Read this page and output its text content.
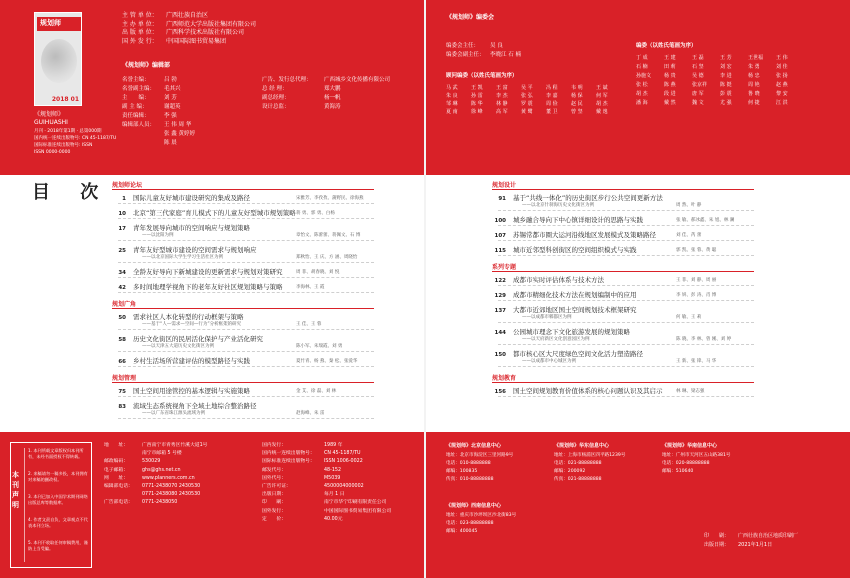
规划师
2018 01
《规划师》
GUIHUASHI
月刊 · 2018年第1期 · 总第000期
国内统一连续出版物号: CN 45-1187/TU
国际标准连续出版物号: ISSN
ISSN 0000-0000
主 管 单 位： 广西壮族自治区
主 办 单 位： 广西师范大学出版社集团有限公司
出 版 单 位： 广西科学技术出版社有限公司
国 外 发 行： 中国国际图书贸易集团
《规划师》编辑部
名誉主编：	吕 勃
名誉副主编： 毛其兴
主　　编：	刘 芳
副 主 编：	谢超英
责任编辑：	李 强
编辑部人员： 王 伟 周 华
张 鑫 黄婷婷
陈 晨
广告、发行总代理： 广西城乡文化传播有限公司
总 经 理：	郑大鹏
副总经理：	杨一帆
设计总监：	黄海涛
《规划师》编委会
编委会主任： 吴 良
编委会副主任： 李晓江 石 楠
顾问编委（以姓氏笔画为序）
马 武	王 凯	王 富	吴 平	冯 程	韦 明	王 斌
朱 良	孙 雷	李 杰	张 弘	李 嘉	杨 保	何 军
邹 琳	陈 华	林 静	罗 震	周 俭	赵 民	胡 杰
夏 南	徐 峰	高 军	黄 鹭	董 卫	曾 坚	戴 逸
编委（以姓氏笔画为序）
丁 成	王 建	王 磊	王 芳	王世福	王 伟
石 楠	田 莉	石 坚	刘 宏	朱 勇	刘 佳
孙施文	杨 贵	吴 德	李 进	杨 忠	张 扬
张 松	陈 燕	张京祥	陈 挺	周 艳	赵 燕
胡 杰	段 进	唐 军	彭 震	鲁 晓	黎 安
潘 海	戴 然	魏 文	尤 强	何 捷	江 洪
目 次 规划师论坛
1 国际儿童友好城市建设研究的集成及路径	宋雅芳、李孜孜、蒲野民、徐海燕
10 北京“第三代家庭”育儿模式下的儿童友好型城市规划策略 蒋 勇、郭 勇、白杨
17 青年发展导向城市的空间响应与规划策略
——以沈阳为例	章怡文、陈蕾蕾、蒋佩文、石 博
25 青年友好型城市建设的空间需求与规划响应
——以北京国际大学生学习生活社区为例	郑秋怡、王 庆、方 涵、周晓怡
34 全龄友好导向下新城建设的更新需求与规划对策研究	周 菲、胡春晓、刘 悦
42 多时间地理学视角下的老年友好社区规划策略与策略	李海林、王 霞
规划广角
50 需求社区人本化转型的行动框架与策略
——基于“人—需求—空间—行为”分析框架的研究	王 佳、王 蓉
58 历史文化街区的民居活化保护与产业活化研究
——以天津五大道历史文化街区为例	陈小军、朱瑞霞、刘 勇
66 乡村生活场所营建评估的模型路径与实践	夏竹青、杨 燕、秦 松、张爱华
规划管理
75 国土空间用途管控的基本逻辑与实施策略	金 艾、徐 磊、刘 林
83 流域生态系统视角下全域土地综合整治路径
——以广东省珠江源头流域为例	赵海峰、朱 雷
规划设计
91 基于“共线一体化”的历史街区步行公共空间更新方法
——以北京什刹海历史文化街区为例	周 然、叶 静
100 城乡融合导向下中心镇详细设计的思路与实践	张 敏、郝冰鑫、朱 旭、林 澜
107 苏锡常都市圈大运河沿线地区发展模式及策略路径	刘 佳、芮 蕾
115 城市近邻型科创街区的空间组织模式与实践	郭 凯、张 蓉、黄 聪
系列专题
122 成都市实时评估体系与技术方法	王 菲、刘 静、周 丽
129 成都市精细化技术方法在规划编制中的应用	李 妍、彭 涛、肖 博
137 大都市近郊地区国土空间规划技术框架研究
——以成都市郫都区为例	何 敏、王 莉
144 公园城市理念下文化旅游发展的规划策略
——以天府新区文化创意园区为例	陈 晓、李 林、曾 刚、刘 婷
150 都市核心区大尺度绿色空间文化活力塑造路径
——以成都市中心城区为例	王 新、张 锋、马 华
规划教育
156 国土空间规划教育价值体系的核心问题认识及其启示	林 琳、梁志强
本刊声明
1. 本刊所载文章版权归本刊所有，未经书面授权不得转载。
2. 来稿请勿一稿多投，本刊拥有对来稿的删改权。
3. 本刊已加入中国学术期刊网络出版总库等数据库。
4. 作者文责自负，文章观点不代表本刊立场。
5. 本刊不收取任何审稿费用，谨防上当受骗。
地　　址：	广西南宁市青秀区竹溪大道1号
南宁市邮箱 5 号楼
邮政编码：	530029
电子邮箱：	ghs@ghs.net.cn
网　　址：	www.planners.com.cn
编辑部电话： 0771-2438070 2430530
0771-2438080 2430530
广告部电话： 0771-2438050
国内发行：	1989 年
国内统一连续出版物号： CN 45-1187/TU
国际标准连续出版物号： ISSN 1006-0022
邮发代号：	48-152
国外代号：	M5039
广告许可证：	4500004000002
出版日期：	每月 1 日
印　　刷：	南宁市华宁印刷有限责任公司
国外发行：	中国国际图书贸易集团有限公司
定　　价：	40.00元
《规划师》北京信息中心
地址：北京市海淀区三里河路9号
电话：010-8888888
邮编：100835
传真：010-88888888
《规划师》华东信息中心
地址：上海市杨浦区四平路1239号
电话：021-88888888
邮编：200092
传真：021-88888888
《规划师》华南信息中心
地址：广州市天河区五山路381号
电话：020-88888888
邮编：510640
《规划师》西南信息中心
地址：重庆市沙坪坝区沙北街83号
电话：023-88888888
邮编：400045
印　　刷： 广西壮族自治区地质印刷厂
出版日期： 2021年1月1日
